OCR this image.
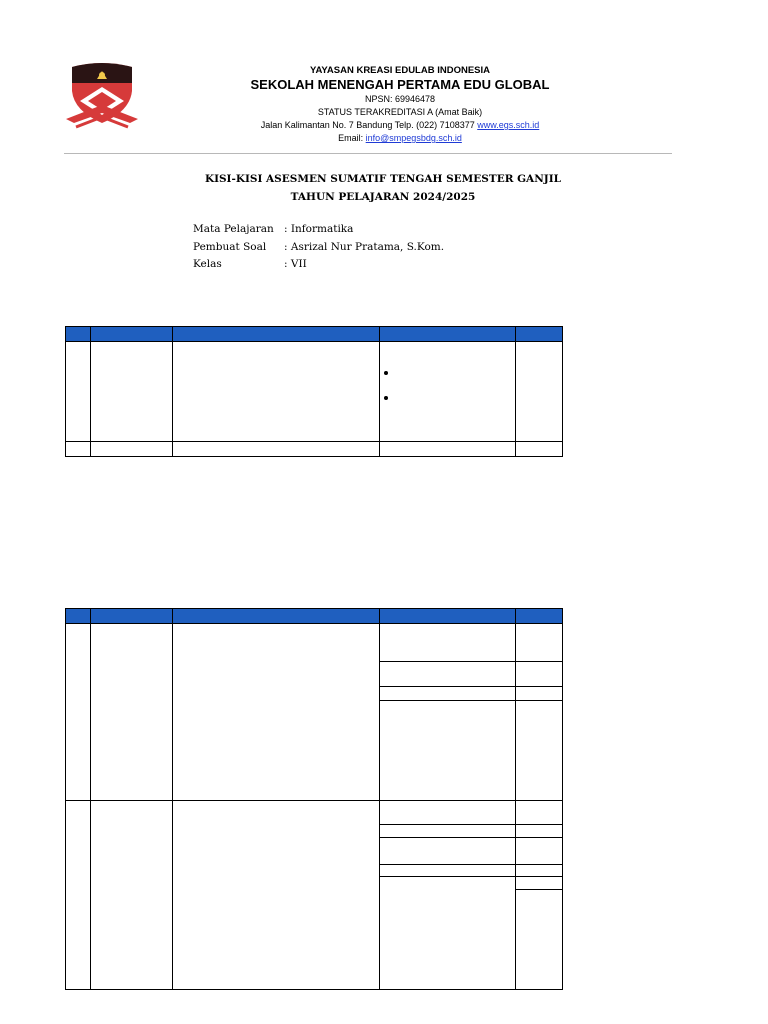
YAYASAN KREASI EDULAB INDONESIA
SEKOLAH MENENGAH PERTAMA EDU GLOBAL
NPSN: 69946478
STATUS TERAKREDITASI A (Amat Baik)
Jalan Kalimantan No. 7 Bandung Telp. (022) 7108377 www.egs.sch.id
Email: info@smpegsbdg.sch.id
KISI-KISI ASESMEN SUMATIF TENGAH SEMESTER GANJIL
TAHUN PELAJARAN 2024/2025
Mata Pelajaran : Informatika
Pembuat Soal	: Asrizal Nur Pratama, S.Kom.
Kelas	: VII
